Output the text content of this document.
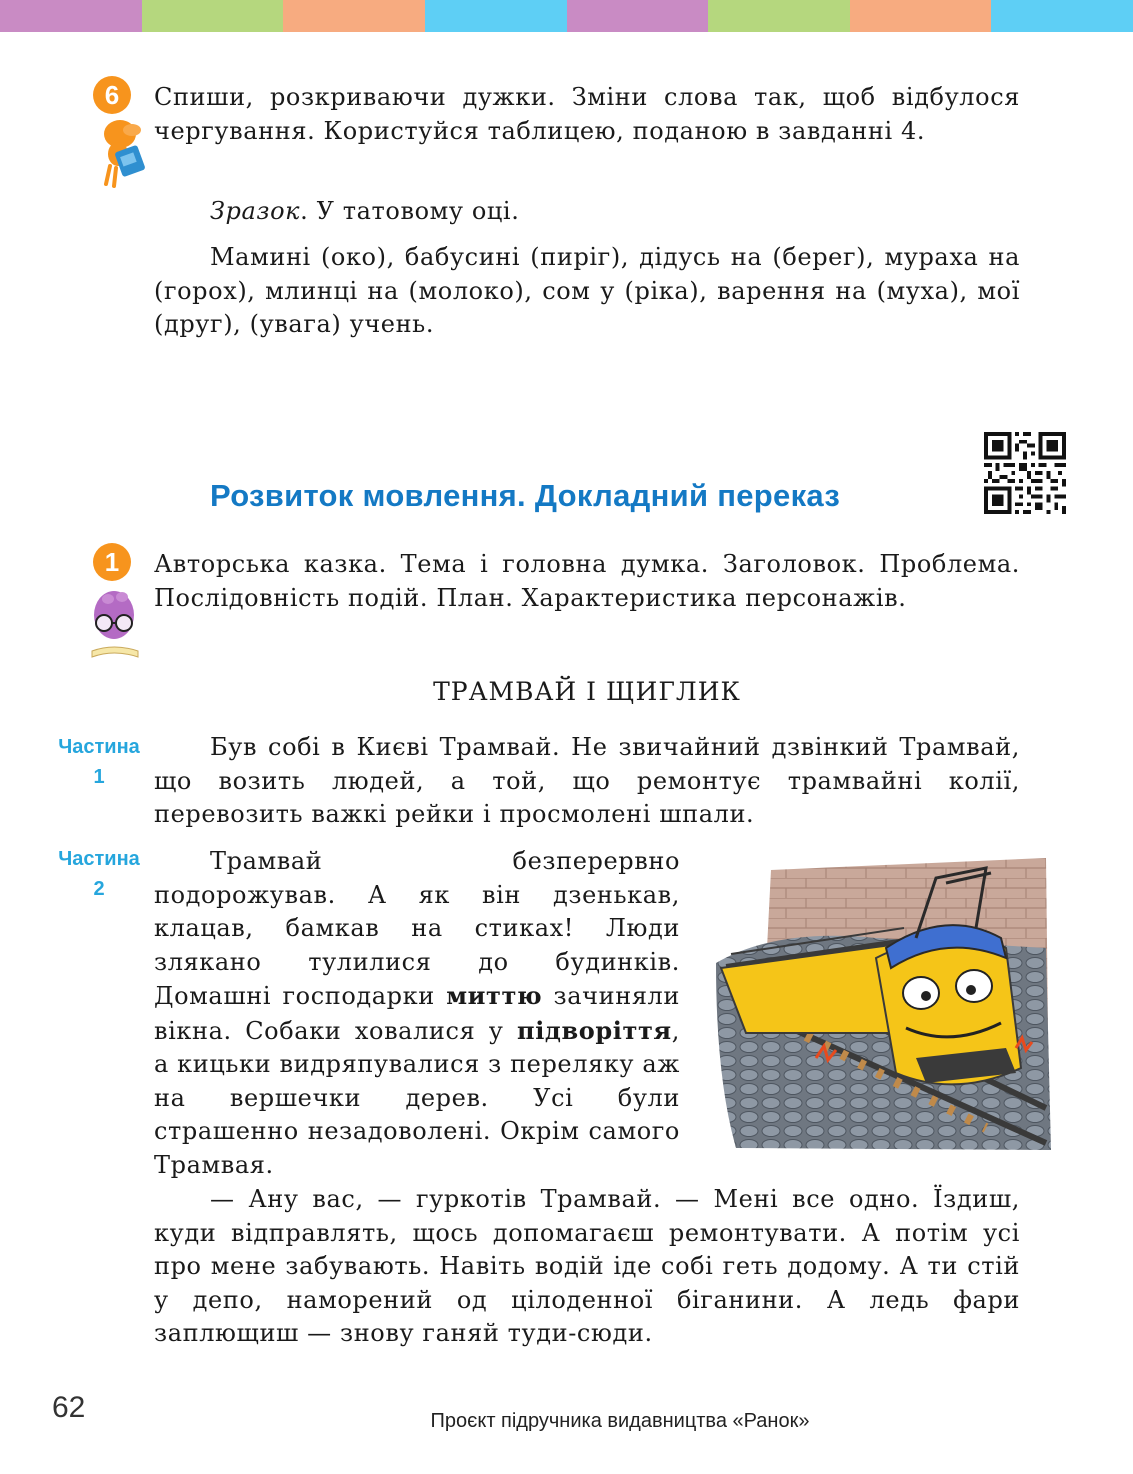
6	Спиши, розкриваючи дужки. Зміни слова так, щоб відбулося чергування. Користуйся таблицею, поданою в завданні 4.

Зразок. У татовому оці.

Мамині (око), бабусині (пиріг), дідусь на (берег), мураха на (горох), млинці на (молоко), сом у (ріка), варення на (муха), мої (друг), (увага) учень.

Розвиток мовлення. Докладний переказ
1	Авторська казка. Тема і головна думка. Заголовок. Проблема. Послідовність подій. План. Характеристика персонажів.

ТРАМВАЙ І ЩИГЛИК
Частина
1

Був собі в Києві Трамвай. Не звичайний дзвінкий Трамвай, що возить людей, а той, що ремонтує трамвайні колії, перевозить важкі рейки і просмолені шпали.

Частина
2

Трамвай безперервно подорожував. А як він дзенькав, клацав, бамкав на стиках! Люди злякано тулилися до будинків. Домашні господарки миттю зачиняли вікна. Собаки ховалися у підворіття, а кицьки видряпувалися з переляку аж на вершечки дерев. Усі були страшенно незадоволені. Окрім самого Трамвая.

— Ану вас, — гуркотів Трамвай. — Мені все одно. Їздиш, куди відправлять, щось допомагаєш ремонтувати. А потім усі про мене забувають. Навіть водій іде собі геть додому. А ти стій у депо, наморений од цілоденної біганини. А ледь фари заплющиш — знову ганяй туди-сюди.

62	Проєкт підручника видавництва «Ранок»
